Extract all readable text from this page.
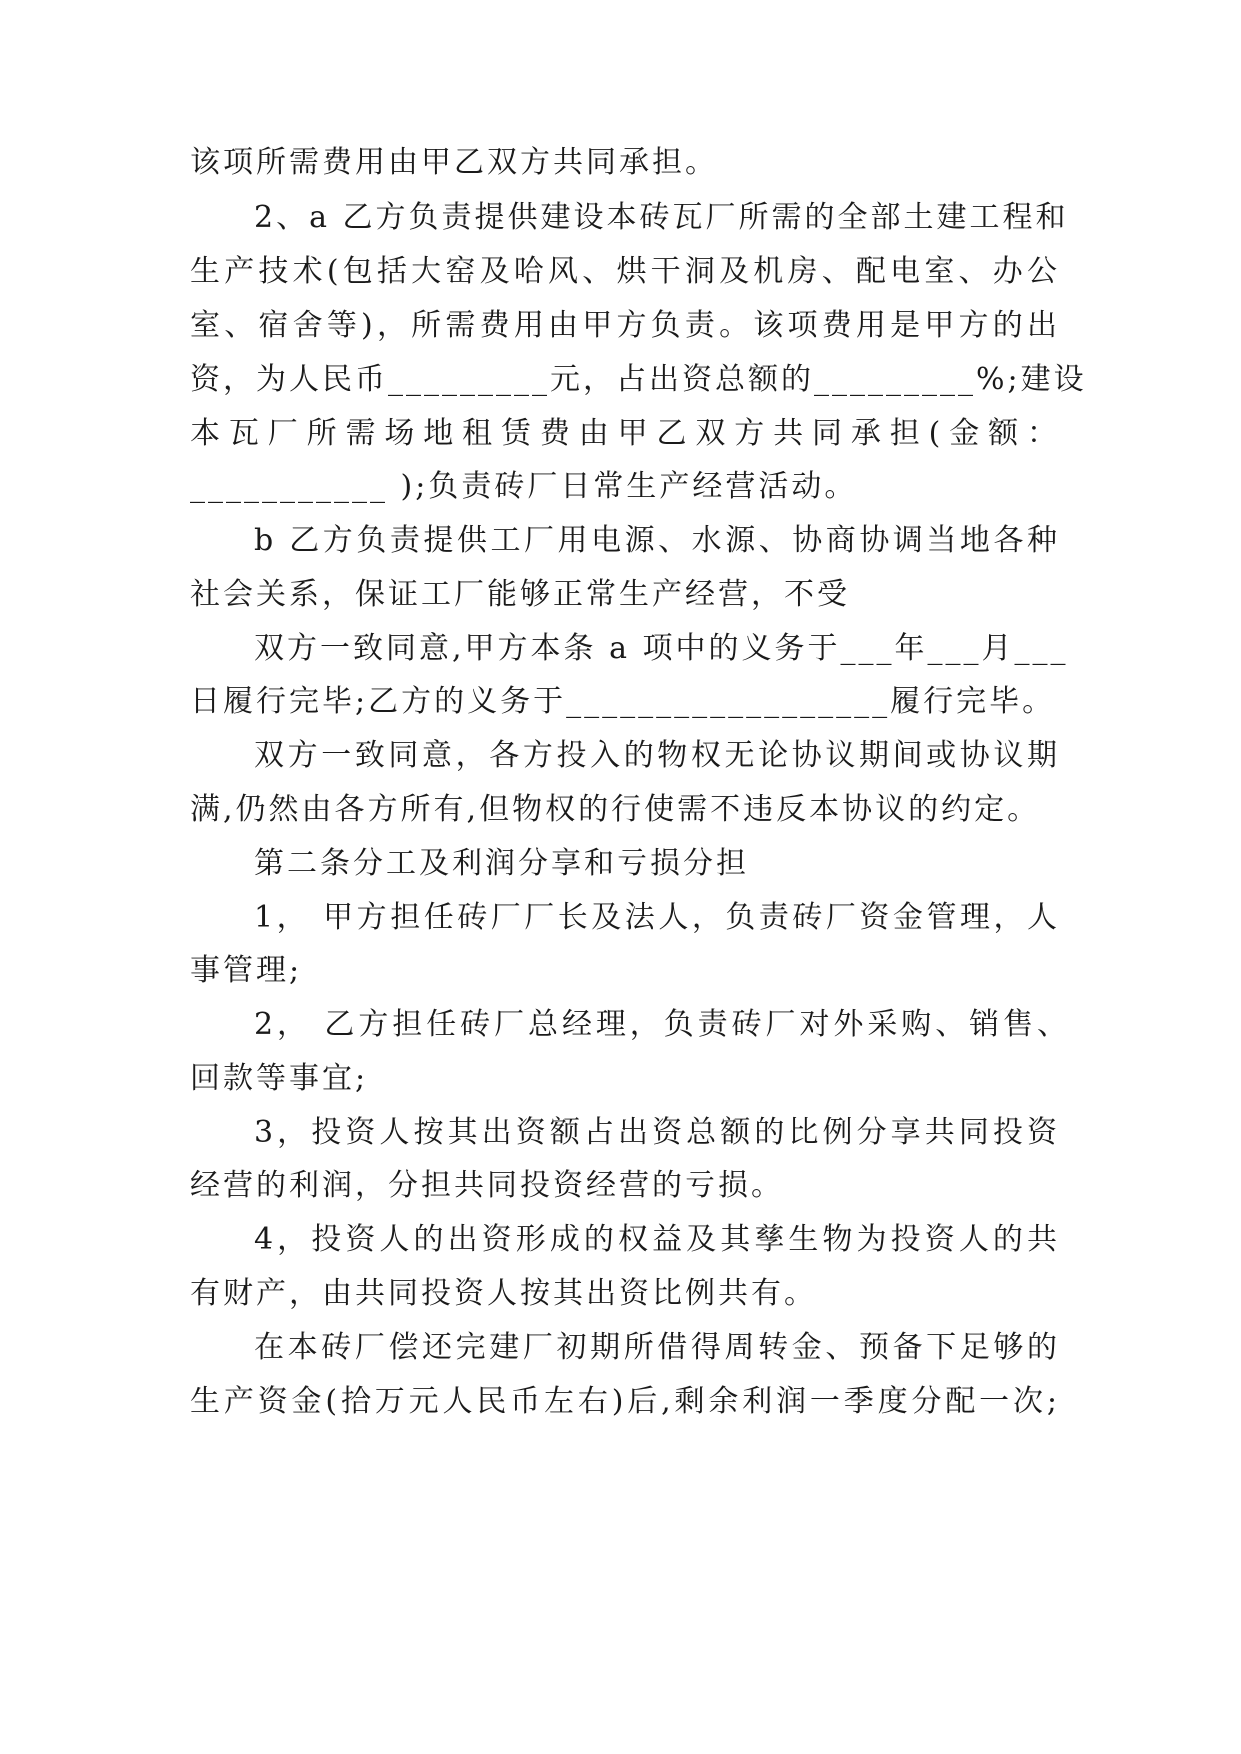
该项所需费用由甲乙双方共同承担。
2、a 乙方负责提供建设本砖瓦厂所需的全部土建工程和
生产技术(包括大窑及哈风、烘干洞及机房、配电室、办公
室、宿舍等)，所需费用由甲方负责。该项费用是甲方的出
资，为人民币_________元，占出资总额的_________%;建设
本瓦厂所需场地租赁费由甲乙双方共同承担(金额：
___________ );负责砖厂日常生产经营活动。
b 乙方负责提供工厂用电源、水源、协商协调当地各种
社会关系，保证工厂能够正常生产经营，不受
双方一致同意,甲方本条 a 项中的义务于___年___月___
日履行完毕;乙方的义务于__________________履行完毕。
双方一致同意，各方投入的物权无论协议期间或协议期
满,仍然由各方所有,但物权的行使需不违反本协议的约定。
第二条分工及利润分享和亏损分担
1， 甲方担任砖厂厂长及法人，负责砖厂资金管理，人
事管理;
2， 乙方担任砖厂总经理，负责砖厂对外采购、销售、
回款等事宜;
3，投资人按其出资额占出资总额的比例分享共同投资
经营的利润，分担共同投资经营的亏损。
4，投资人的出资形成的权益及其孳生物为投资人的共
有财产，由共同投资人按其出资比例共有。
在本砖厂偿还完建厂初期所借得周转金、预备下足够的
生产资金(拾万元人民币左右)后,剩余利润一季度分配一次;
